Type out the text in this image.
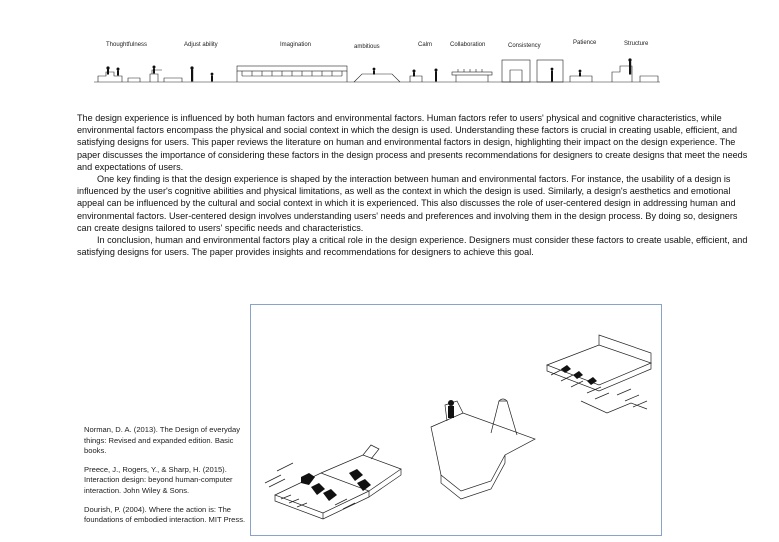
Thoughtfulness	Adjust ability	Imagination	ambitious	Calm	Collaboration	Consistency	Patience	Structure

The design experience is influenced by both human factors and environmental factors. Human factors refer to users' physical and cognitive characteristics, while environmental factors encompass the physical and social context in which the design is used. Understanding these factors is crucial in creating usable, efficient, and satisfying designs for users. This paper reviews the literature on human and environmental factors in design, highlighting their impact on the design experience. The paper discusses the importance of considering these factors in the design process and presents recommendations for designers to create designs that meet the needs and expectations of users.

One key finding is that the design experience is shaped by the interaction between human and environmental factors. For instance, the usability of a design is influenced by the user's cognitive abilities and physical limitations, as well as the context in which the design is used. Similarly, a design's aesthetics and emotional appeal can be influenced by the cultural and social context in which it is experienced. This also discusses the role of user-centered design in addressing human and environmental factors. User-centered design involves understanding users' needs and preferences and involving them in the design process. By doing so, designers can create designs tailored to users' specific needs and characteristics.

In conclusion, human and environmental factors play a critical role in the design experience. Designers must consider these factors to create usable, efficient, and satisfying designs for users. The paper provides insights and recommendations for designers to achieve this goal.

Norman, D. A. (2013). The Design of everyday things: Revised and expanded edition. Basic books.

Preece, J., Rogers, Y., & Sharp, H. (2015). Interaction design: beyond human-computer interaction. John Wiley & Sons.

Dourish, P. (2004). Where the action is: The foundations of embodied interaction. MIT Press.
